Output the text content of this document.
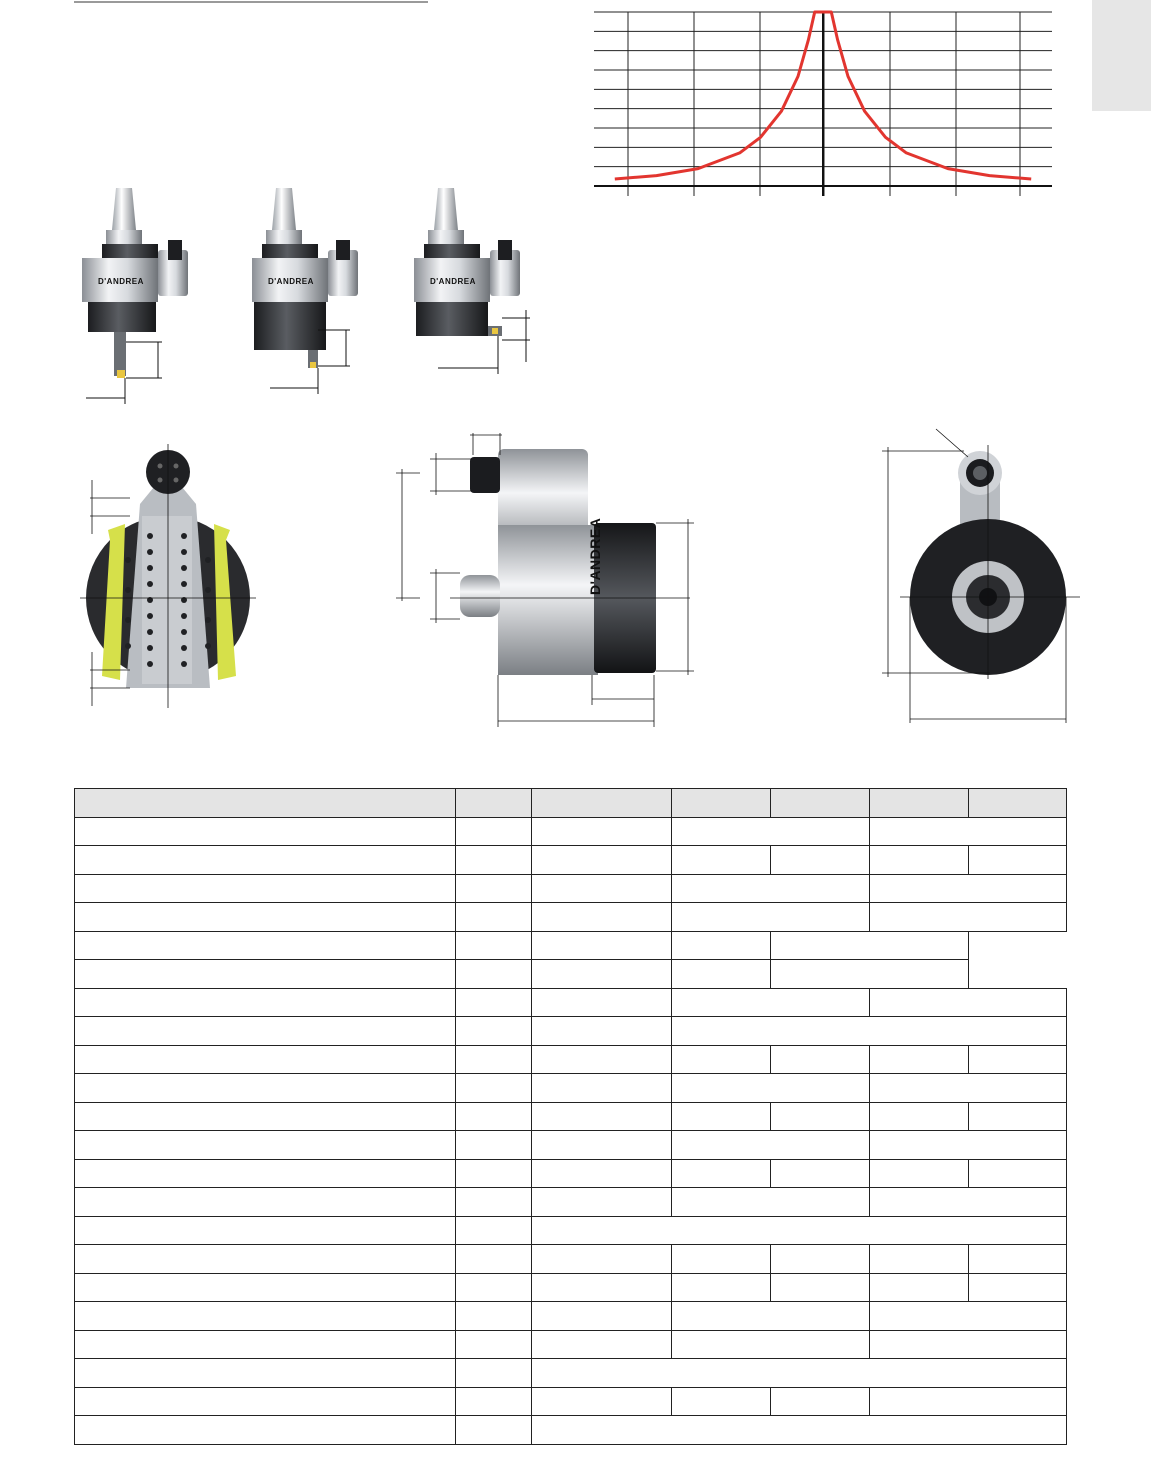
D'ANDREA	D'ANDREA	D'ANDREA
D'ANDREA
